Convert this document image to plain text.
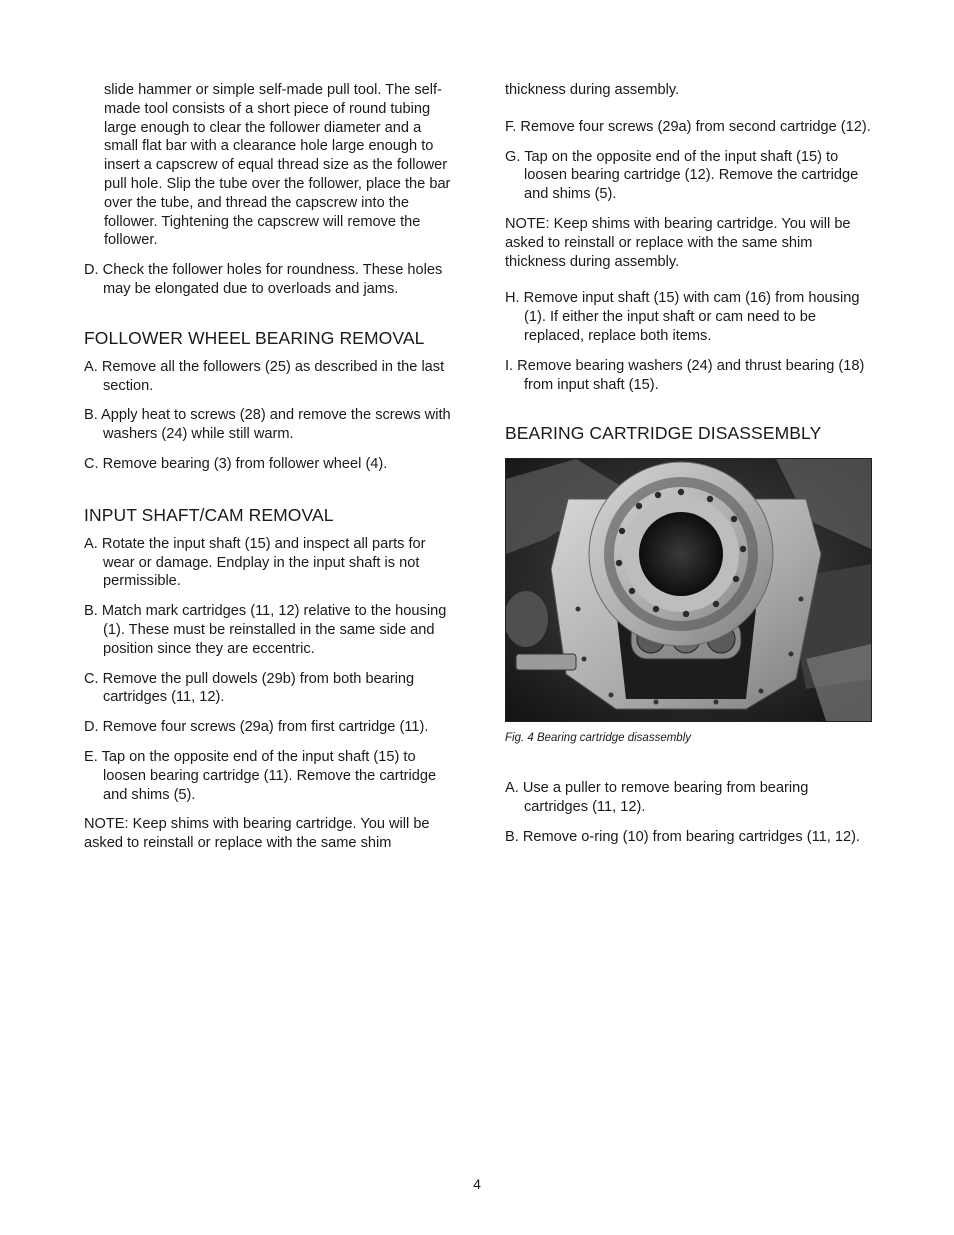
slide hammer or simple self-made pull tool. The self-made tool consists of a short piece of round tubing large enough to clear the follower diameter and a small flat bar with a clearance hole large enough to insert a capscrew of equal thread size as the follower pull hole. Slip the tube over the follower, place the bar over the tube, and thread the capscrew into the follower. Tightening the capscrew will remove the follower.

D. Check the follower holes for roundness. These holes may be elongated due to overloads and jams.

FOLLOWER WHEEL BEARING REMOVAL

A. Remove all the followers (25) as described in the last section.

B. Apply heat to screws (28) and remove the screws with washers (24) while still warm.

C. Remove bearing (3) from follower wheel (4).

INPUT SHAFT/CAM REMOVAL

A. Rotate the input shaft (15) and inspect all parts for wear or damage. Endplay in the input shaft is not permissible.

B. Match mark cartridges (11, 12) relative to the housing (1). These must be reinstalled in the same side and position since they are eccentric.

C. Remove the pull dowels (29b) from both bearing cartridges (11, 12).

D. Remove four screws (29a) from first cartridge (11).

E. Tap on the opposite end of the input shaft (15) to loosen bearing cartridge (11). Remove the cartridge and shims (5).

NOTE: Keep shims with bearing cartridge. You will be asked to reinstall or replace with the same shim

thickness during assembly.

F. Remove four screws (29a) from second cartridge (12).

G. Tap on the opposite end of the input shaft (15) to loosen bearing cartridge (12). Remove the cartridge and shims (5).

NOTE: Keep shims with bearing cartridge. You will be asked to reinstall or replace with the same shim thickness during assembly.

H. Remove input shaft (15) with cam (16) from housing (1). If either the input shaft or cam need to be replaced, replace both items.

I. Remove bearing washers (24) and thrust bearing (18) from input shaft (15).

BEARING CARTRIDGE DISASSEMBLY

Fig. 4 Bearing cartridge disassembly

A. Use a puller to remove bearing from bearing cartridges (11, 12).

B. Remove o-ring (10) from bearing cartridges (11, 12).

4
